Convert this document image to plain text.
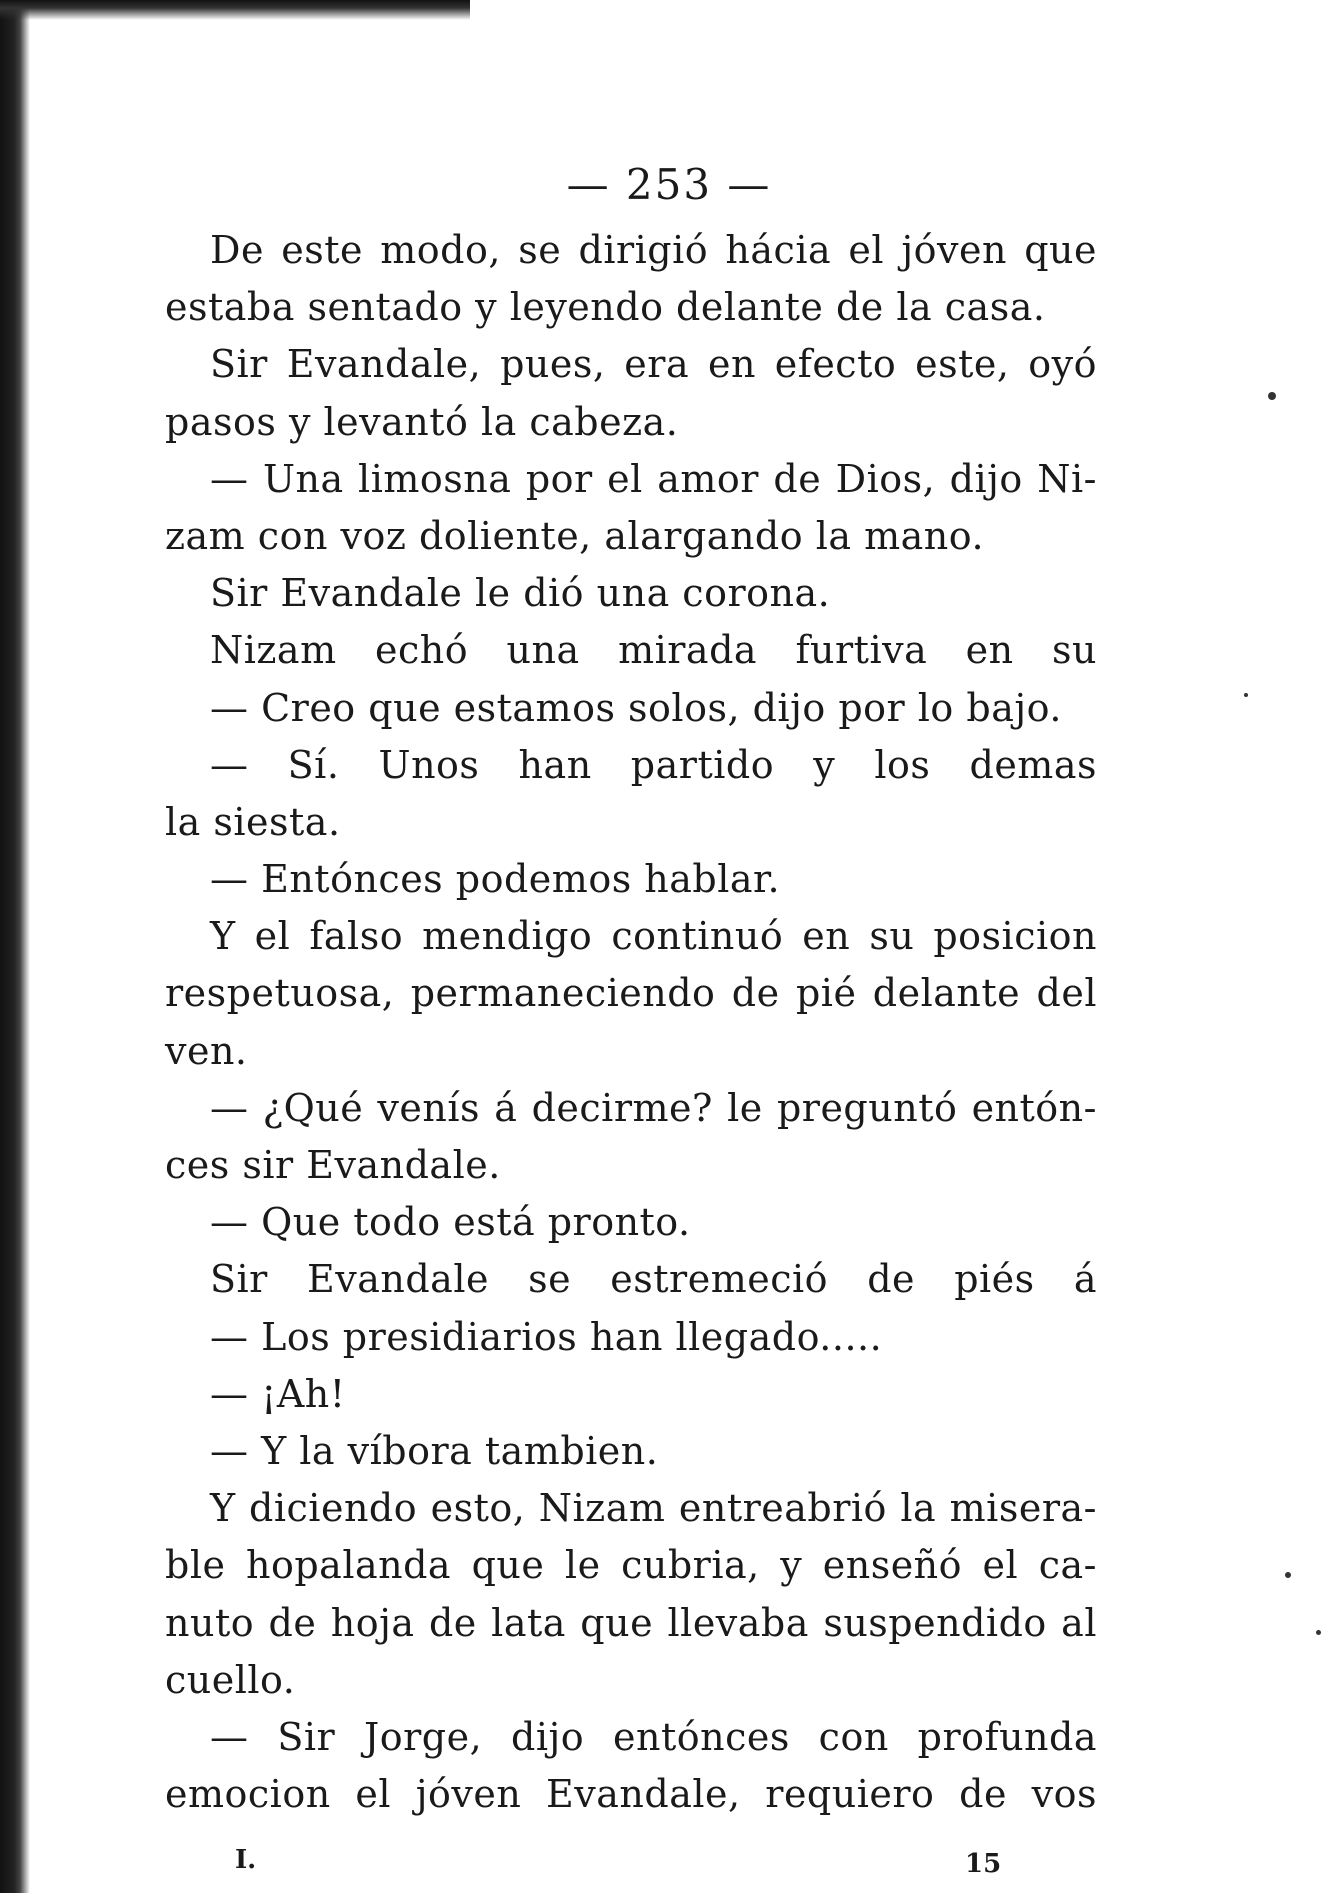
— 253 —
De este modo, se dirigió hácia el jóven que
estaba sentado y leyendo delante de la casa.
Sir Evandale, pues, era en efecto este, oyó
pasos y levantó la cabeza.
— Una limosna por el amor de Dios, dijo Ni-
zam con voz doliente, alargando la mano.
Sir Evandale le dió una corona.
Nizam echó una mirada furtiva en su
— Creo que estamos solos, dijo por lo bajo.
— Sí. Unos han partido y los demas
la siesta.
— Entónces podemos hablar.
Y el falso mendigo continuó en su posicion
respetuosa, permaneciendo de pié delante del
ven.
— ¿Qué venís á decirme? le preguntó entón-
ces sir Evandale.
— Que todo está pronto.
Sir Evandale se estremeció de piés á
— Los presidiarios han llegado.....
— ¡Ah!
— Y la víbora tambien.
Y diciendo esto, Nizam entreabrió la misera-
ble hopalanda que le cubria, y enseñó el ca-
nuto de hoja de lata que llevaba suspendido al
cuello.
— Sir Jorge, dijo entónces con profunda
emocion el jóven Evandale, requiero de vos
I.	15
